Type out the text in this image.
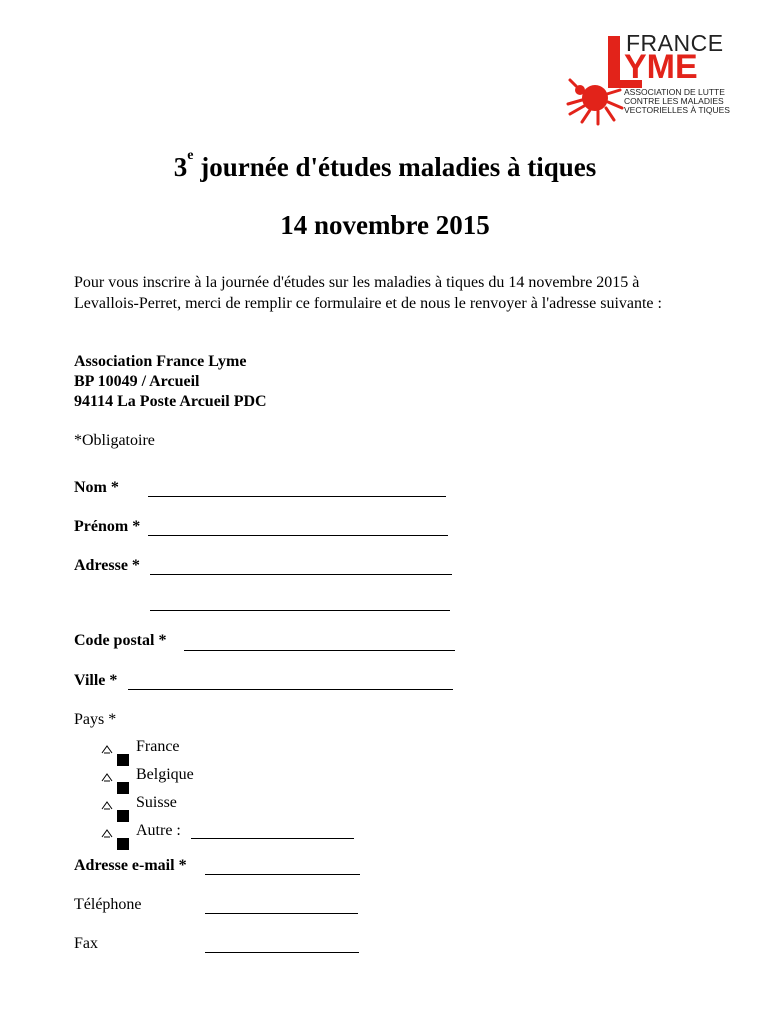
FRANCE
YME
ASSOCIATION DE LUTTE
CONTRE LES MALADIES
VECTORIELLES À TIQUES
3e journée d'études maladies à tiques
14 novembre 2015
Pour vous inscrire à la journée d'études sur les maladies à tiques du 14 novembre 2015 à Levallois-Perret, merci de remplir ce formulaire et de nous le renvoyer à l'adresse suivante :
Association France Lyme
BP 10049 / Arcueil
94114 La Poste Arcueil PDC
*Obligatoire
Nom *
Prénom *
Adresse *
Code postal *
Ville *
Pays *
France
Belgique
Suisse
Autre :
Adresse e-mail *
Téléphone
Fax
